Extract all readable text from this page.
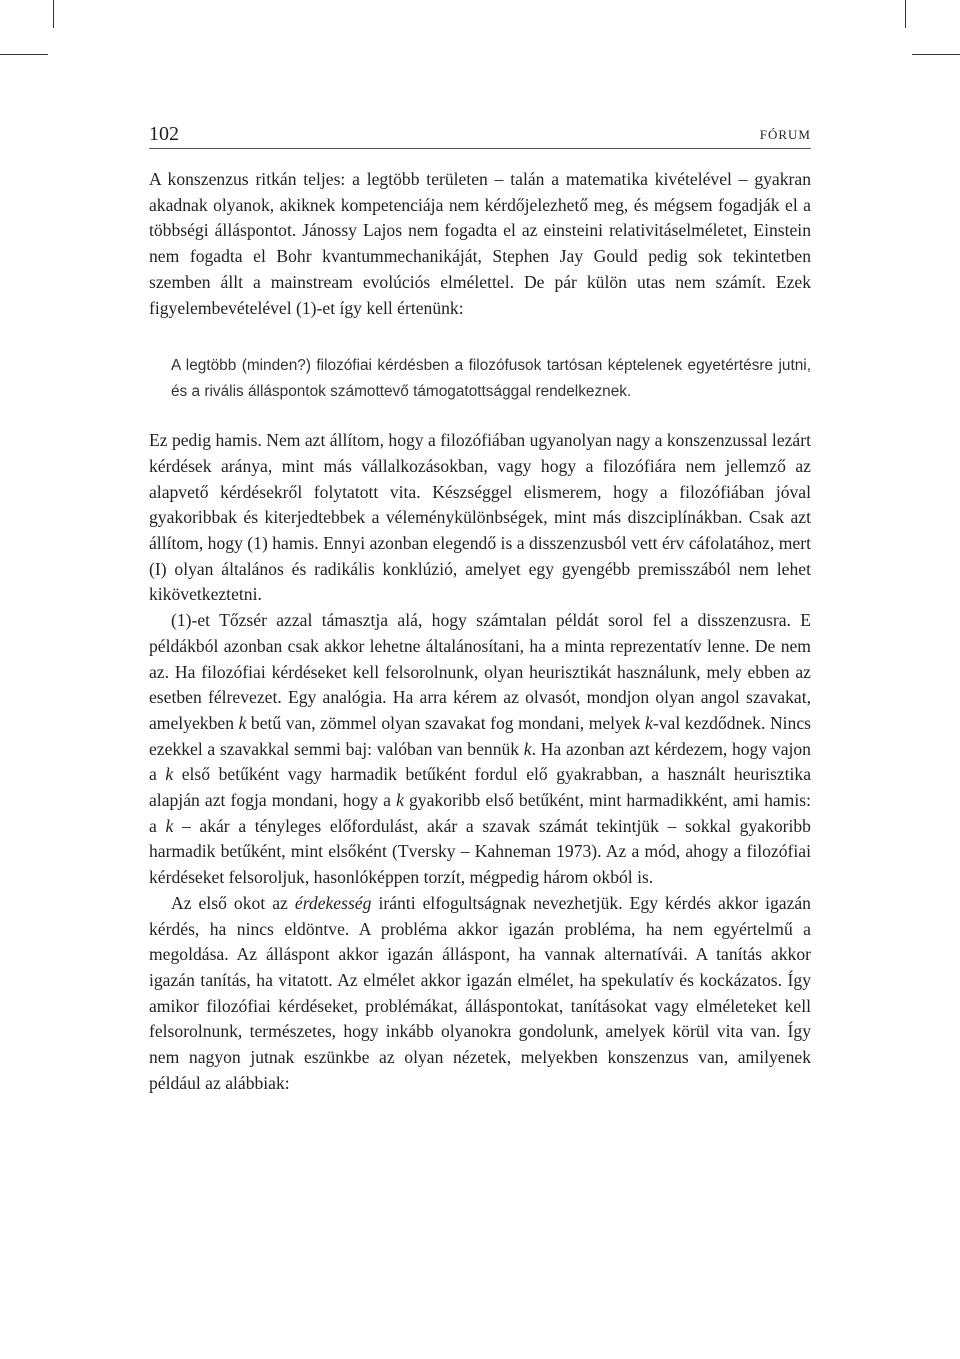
102	FÓRUM

A konszenzus ritkán teljes: a legtöbb területen – talán a matematika kivételével – gyakran akadnak olyanok, akiknek kompetenciája nem kérdőjelezhető meg, és mégsem fogadják el a többségi álláspontot. Jánossy Lajos nem fogadta el az einsteini relativitáselméletet, Einstein nem fogadta el Bohr kvantummechanikáját, Stephen Jay Gould pedig sok tekintetben szemben állt a mainstream evolúciós elmélettel. De pár külön utas nem számít. Ezek figyelembevételével (1)-et így kell értenünk:

A legtöbb (minden?) filozófiai kérdésben a filozófusok tartósan képtelenek egyetértésre jutni, és a rivális álláspontok számottevő támogatottsággal rendelkeznek.

Ez pedig hamis. Nem azt állítom, hogy a filozófiában ugyanolyan nagy a konszenzussal lezárt kérdések aránya, mint más vállalkozásokban, vagy hogy a filozófiára nem jellemző az alapvető kérdésekről folytatott vita. Készséggel elismerem, hogy a filozófiában jóval gyakoribbak és kiterjedtebbek a véleménykülönbségek, mint más diszciplínákban. Csak azt állítom, hogy (1) hamis. Ennyi azonban elegendő is a disszenzusból vett érv cáfolatához, mert (I) olyan általános és radikális konklúzió, amelyet egy gyengébb premisszából nem lehet kikövetkeztetni.

(1)-et Tőzsér azzal támasztja alá, hogy számtalan példát sorol fel a disszenzusra. E példákból azonban csak akkor lehetne általánosítani, ha a minta reprezentatív lenne. De nem az. Ha filozófiai kérdéseket kell felsorolnunk, olyan heurisztikát használunk, mely ebben az esetben félrevezet. Egy analógia. Ha arra kérem az olvasót, mondjon olyan angol szavakat, amelyekben k betű van, zömmel olyan szavakat fog mondani, melyek k-val kezdődnek. Nincs ezekkel a szavakkal semmi baj: valóban van bennük k. Ha azonban azt kérdezem, hogy vajon a k első betűként vagy harmadik betűként fordul elő gyakrabban, a használt heurisztika alapján azt fogja mondani, hogy a k gyakoribb első betűként, mint harmadikként, ami hamis: a k – akár a tényleges előfordulást, akár a szavak számát tekintjük – sokkal gyakoribb harmadik betűként, mint elsőként (Tversky – Kahneman 1973). Az a mód, ahogy a filozófiai kérdéseket felsoroljuk, hasonlóképpen torzít, mégpedig három okból is.

Az első okot az érdekesség iránti elfogultságnak nevezhetjük. Egy kérdés akkor igazán kérdés, ha nincs eldöntve. A probléma akkor igazán probléma, ha nem egyértelmű a megoldása. Az álláspont akkor igazán álláspont, ha vannak alternatívái. A tanítás akkor igazán tanítás, ha vitatott. Az elmélet akkor igazán elmélet, ha spekulatív és kockázatos. Így amikor filozófiai kérdéseket, problémákat, álláspontokat, tanításokat vagy elméleteket kell felsorolnunk, természetes, hogy inkább olyanokra gondolunk, amelyek körül vita van. Így nem nagyon jutnak eszünkbe az olyan nézetek, melyekben konszenzus van, amilyenek például az alábbiak:
